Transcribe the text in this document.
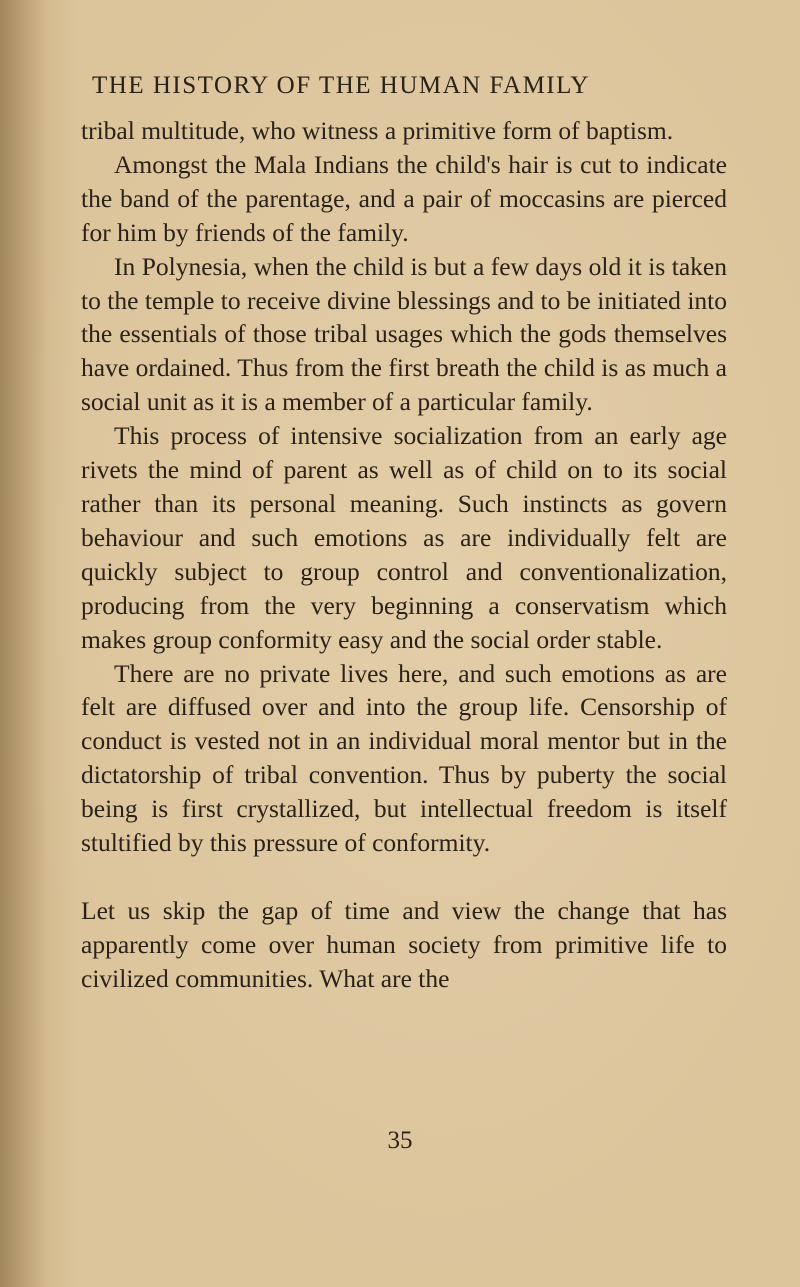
THE HISTORY OF THE HUMAN FAMILY

tribal multitude, who witness a primitive form of baptism.

Amongst the Mala Indians the child's hair is cut to indicate the band of the parentage, and a pair of moccasins are pierced for him by friends of the family.

In Polynesia, when the child is but a few days old it is taken to the temple to receive divine blessings and to be initiated into the essentials of those tribal usages which the gods themselves have ordained. Thus from the first breath the child is as much a social unit as it is a member of a particular family.

This process of intensive socialization from an early age rivets the mind of parent as well as of child on to its social rather than its personal meaning. Such instincts as govern behaviour and such emotions as are individually felt are quickly subject to group control and conventionalization, producing from the very beginning a conservatism which makes group conformity easy and the social order stable.

There are no private lives here, and such emotions as are felt are diffused over and into the group life. Censorship of conduct is vested not in an individual moral mentor but in the dictatorship of tribal convention. Thus by puberty the social being is first crystallized, but intellectual freedom is itself stultified by this pressure of conformity.

Let us skip the gap of time and view the change that has apparently come over human society from primitive life to civilized communities. What are the

35
